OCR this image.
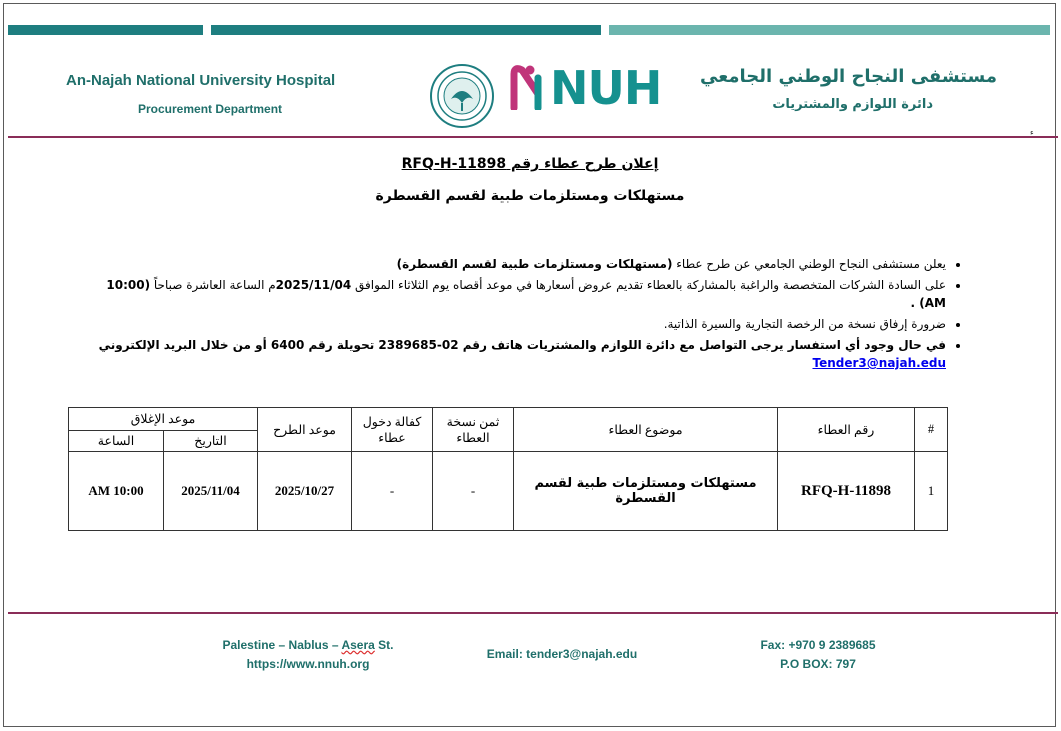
An-Najah National University Hospital
Procurement Department
مستشفى النجاح الوطني الجامعي
دائرة اللوازم والمشتريات
NUH
ء
إعلان طرح عطاء رقم RFQ-H-11898
مستهلكات ومستلزمات طبية لقسم القسطرة
• يعلن مستشفى النجاح الوطني الجامعي عن طرح عطاء (مستهلكات ومستلزمات طبية لقسم القسطرة)
• على السادة الشركات المتخصصة والراغبة بالمشاركة بالعطاء تقديم عروض أسعارها في موعد أقصاه يوم الثلاثاء الموافق 2025/11/04م الساعة العاشرة صباحاً (10:00 AM) .
• ضرورة إرفاق نسخة من الرخصة التجارية والسيرة الذاتية.
• في حال وجود أي استفسار يرجى التواصل مع دائرة اللوازم والمشتريات هاتف رقم 02-2389685 تحويلة رقم 6400 أو من خلال البريد الإلكتروني
Tender3@najah.edu
#	رقم العطاء	موضوع العطاء	ثمن نسخة العطاء	كفالة دخول عطاء	موعد الطرح	موعد الإغلاق	
						التاريخ	الساعة
1	RFQ-H-11898	مستهلكات ومستلزمات طبية لقسم القسطرة	-	-	2025/10/27	2025/11/04	AM 10:00
Palestine – Nablus – Asera St.
https://www.nnuh.org
Email: tender3@najah.edu
Fax: +970 9 2389685
P.O BOX: 797
